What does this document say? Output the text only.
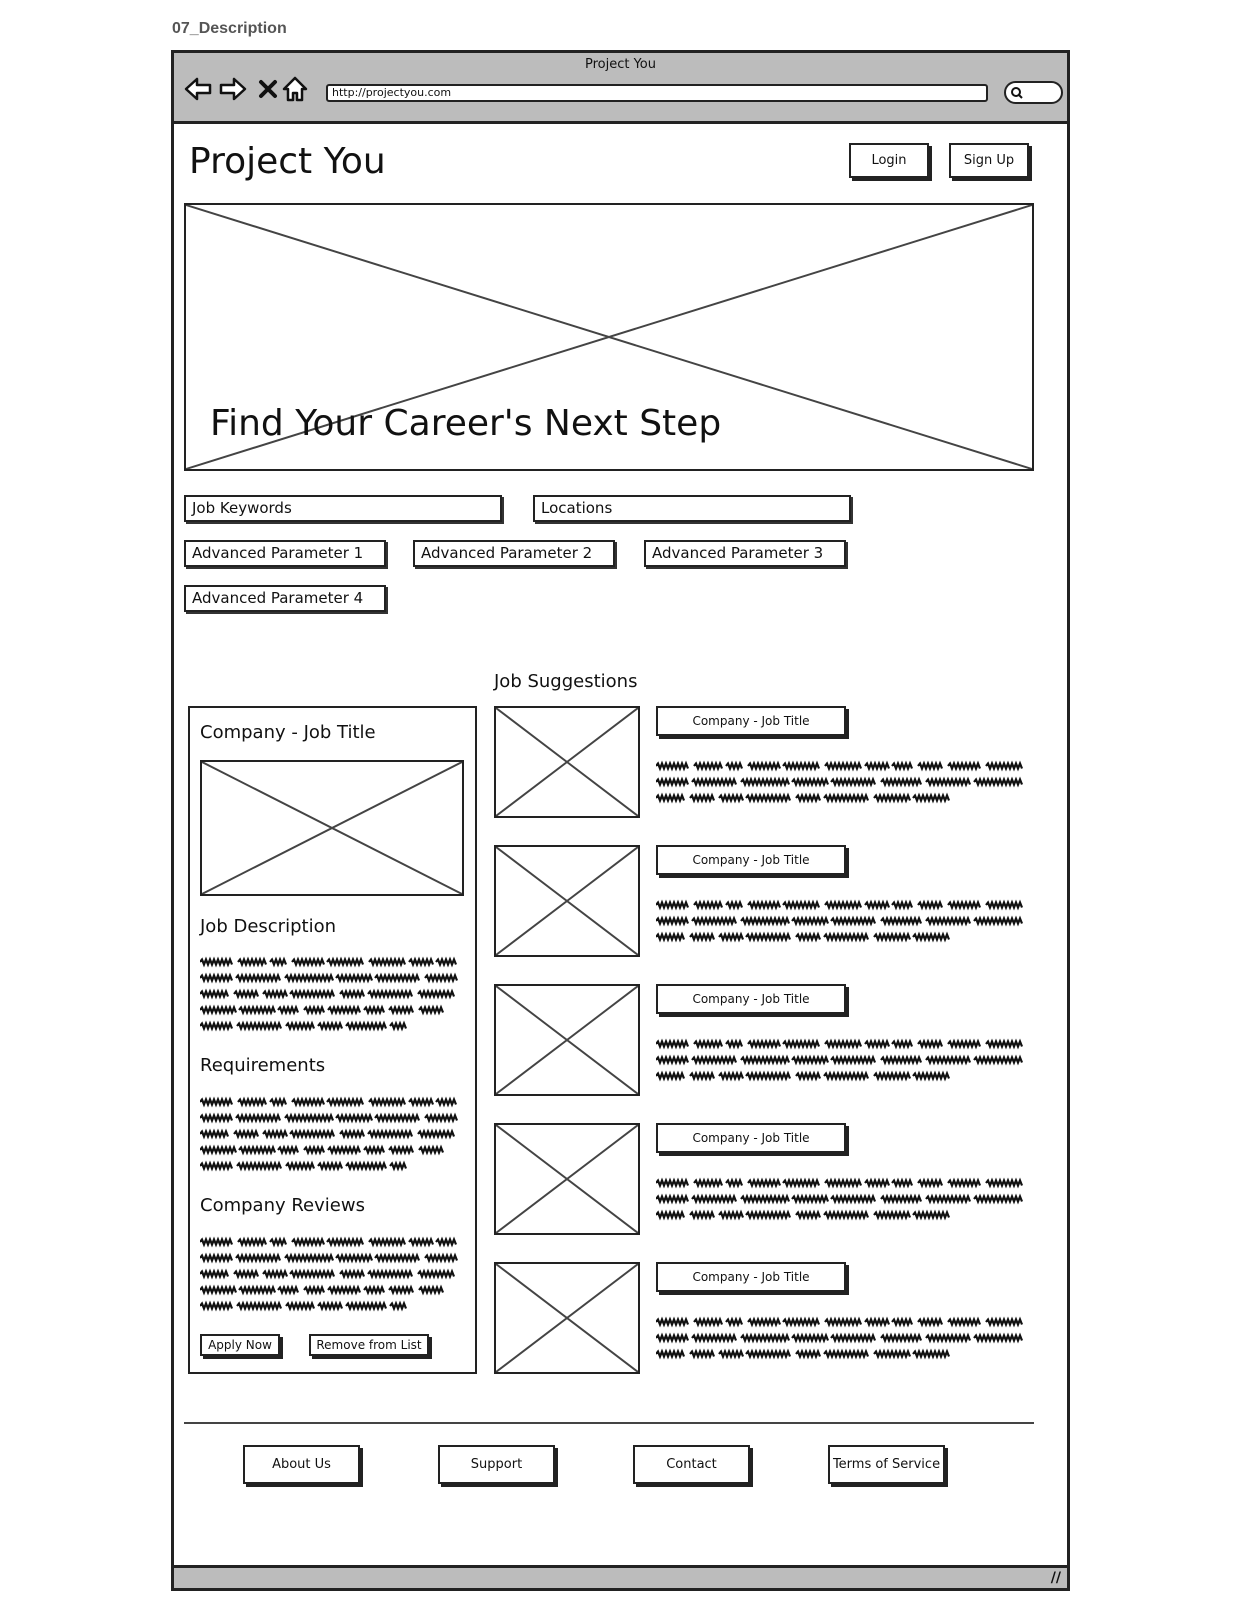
07_Description
Project You
http://projectyou.com
Project You	Login	Sign Up
Find Your Career's Next Step
Job Keywords	Locations
Advanced Parameter 1	Advanced Parameter 2	Advanced Parameter 3
Advanced Parameter 4
Job Suggestions
Company - Job Title
Job Description
Requirements
Company Reviews
Apply Now	Remove from List
Company - Job Title
Company - Job Title
Company - Job Title
Company - Job Title
Company - Job Title
About Us	Support	Contact	Terms of Service
//
